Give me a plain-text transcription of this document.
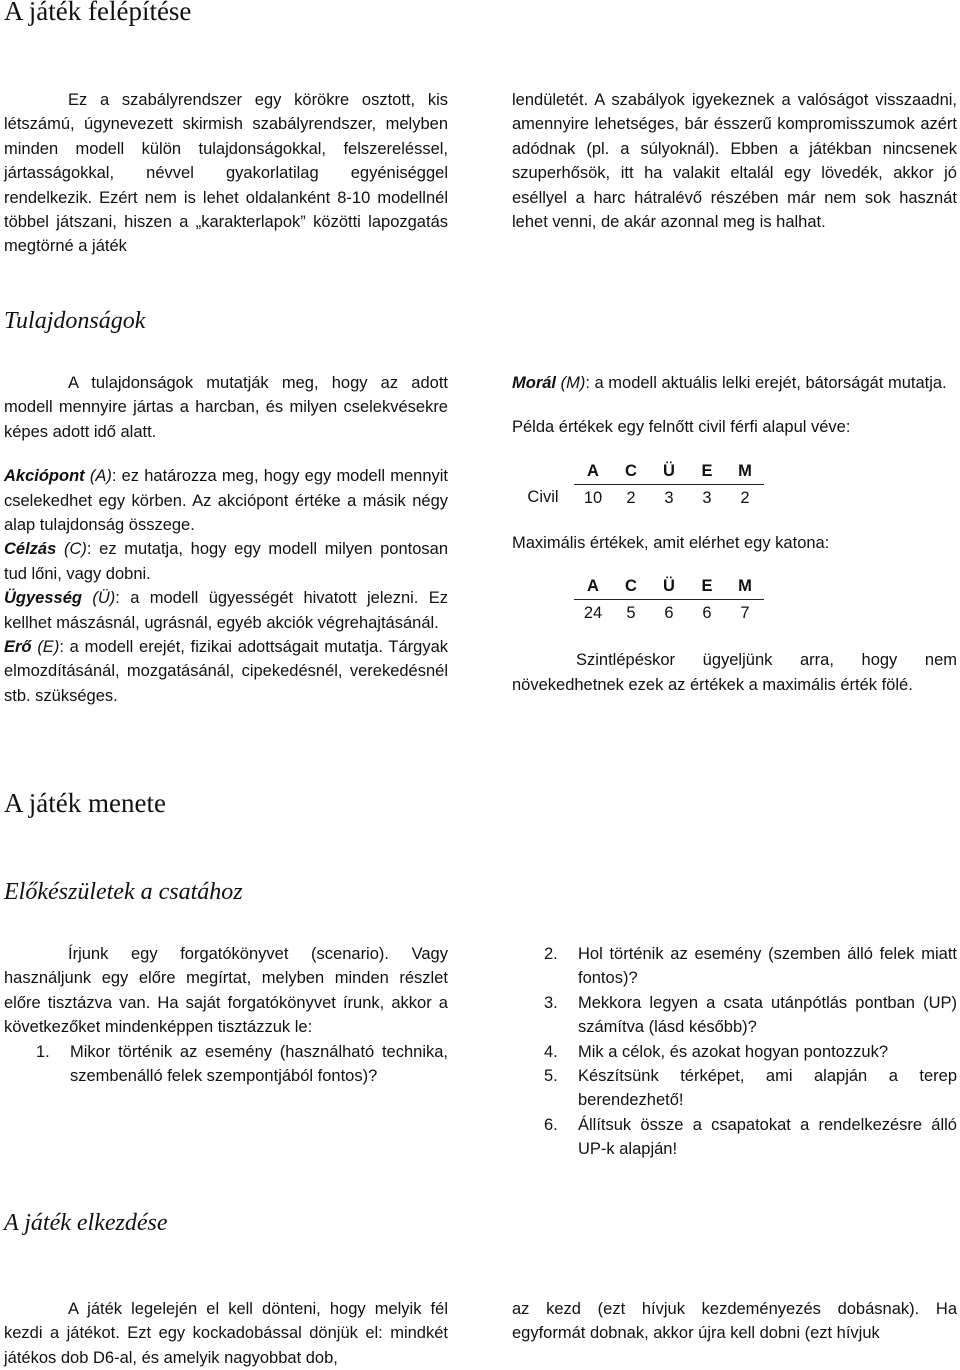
A játék felépítése

Ez a szabályrendszer egy körökre osztott, kis létszámú, úgynevezett skirmish szabályrendszer, melyben minden modell külön tulajdonságokkal, felszereléssel, jártasságokkal, névvel gyakorlatilag egyéniséggel rendelkezik. Ezért nem is lehet oldalanként 8-10 modellnél többel játszani, hiszen a „karakterlapok” közötti lapozgatás megtörné a játék

lendületét. A szabályok igyekeznek a valóságot visszaadni, amennyire lehetséges, bár ésszerű kompromisszumok azért adódnak (pl. a súlyoknál). Ebben a játékban nincsenek szuperhősök, itt ha valakit eltalál egy lövedék, akkor jó eséllyel a harc hátralévő részében már nem sok hasznát lehet venni, de akár azonnal meg is halhat.

Tulajdonságok

A tulajdonságok mutatják meg, hogy az adott modell mennyire jártas a harcban, és milyen cselekvésekre képes adott idő alatt.

Akciópont (A): ez határozza meg, hogy egy modell mennyit cselekedhet egy körben. Az akciópont értéke a másik négy alap tulajdonság összege.

Célzás (C): ez mutatja, hogy egy modell milyen pontosan tud lőni, vagy dobni.

Ügyesség (Ü): a modell ügyességét hivatott jelezni. Ez kellhet mászásnál, ugrásnál, egyéb akciók végrehajtásánál.

Erő (E): a modell erejét, fizikai adottságait mutatja. Tárgyak elmozdításánál, mozgatásánál, cipekedésnél, verekedésnél stb. szükséges.

Morál (M): a modell aktuális lelki erejét, bátorságát mutatja.

Példa értékek egy felnőtt civil férfi alapul véve:

	A	C	Ü	E	M
Civil	10	2	3	3	2

Maximális értékek, amit elérhet egy katona:

A	C	Ü	E	M
24	5	6	6	7

Szintlépéskor ügyeljünk arra, hogy nem növekedhetnek ezek az értékek a maximális érték fölé.

A játék menete
Előkészületek a csatához

Írjunk egy forgatókönyvet (scenario). Vagy használjunk egy előre megírtat, melyben minden részlet előre tisztázva van. Ha saját forgatókönyvet írunk, akkor a következőket mindenképpen tisztázzuk le:

1. Mikor történik az esemény (használható technika, szembenálló felek szempontjából fontos)?
2. Hol történik az esemény (szemben álló felek miatt fontos)?
3. Mekkora legyen a csata utánpótlás pontban (UP) számítva (lásd később)?
4. Mik a célok, és azokat hogyan pontozzuk?
5. Készítsünk térképet, ami alapján a terep berendezhető!
6. Állítsuk össze a csapatokat a rendelkezésre álló UP-k alapján!
A játék elkezdése

A játék legelején el kell dönteni, hogy melyik fél kezdi a játékot. Ezt egy kockadobással dönjük el: mindkét játékos dob D6-al, és amelyik nagyobbat dob,

az kezd (ezt hívjuk kezdeményezés dobásnak). Ha egyformát dobnak, akkor újra kell dobni (ezt hívjuk
